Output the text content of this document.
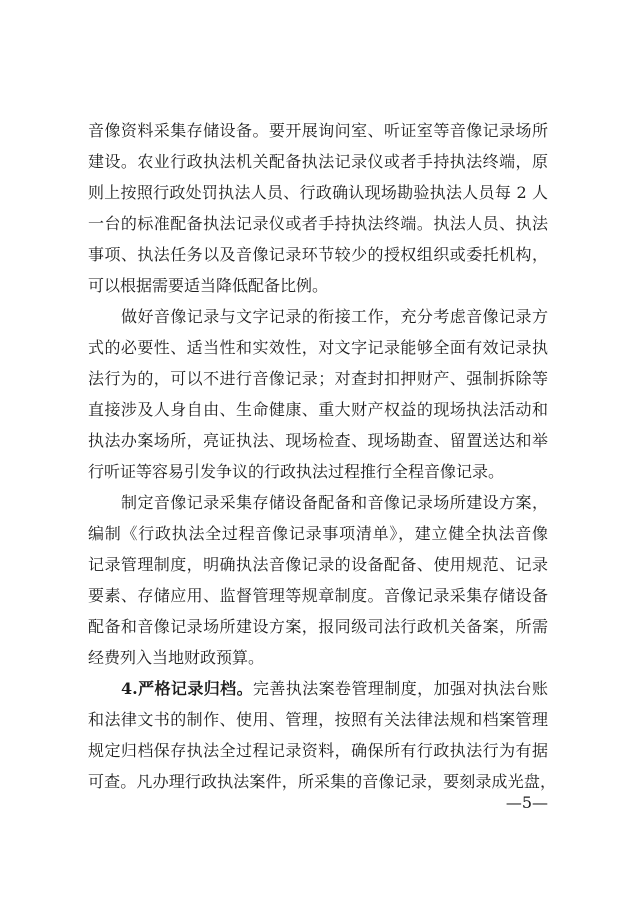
音像资料采集存储设备。要开展询问室、听证室等音像记录场所
建设。农业行政执法机关配备执法记录仪或者手持执法终端，原
则上按照行政处罚执法人员、行政确认现场勘验执法人员每 2 人
一台的标准配备执法记录仪或者手持执法终端。执法人员、执法
事项、执法任务以及音像记录环节较少的授权组织或委托机构，
可以根据需要适当降低配备比例。
做好音像记录与文字记录的衔接工作，充分考虑音像记录方
式的必要性、适当性和实效性，对文字记录能够全面有效记录执
法行为的，可以不进行音像记录；对查封扣押财产、强制拆除等
直接涉及人身自由、生命健康、重大财产权益的现场执法活动和
执法办案场所，亮证执法、现场检查、现场勘查、留置送达和举
行听证等容易引发争议的行政执法过程推行全程音像记录。
制定音像记录采集存储设备配备和音像记录场所建设方案，
编制《行政执法全过程音像记录事项清单》，建立健全执法音像
记录管理制度，明确执法音像记录的设备配备、使用规范、记录
要素、存储应用、监督管理等规章制度。音像记录采集存储设备
配备和音像记录场所建设方案，报同级司法行政机关备案，所需
经费列入当地财政预算。
4.严格记录归档。完善执法案卷管理制度，加强对执法台账
和法律文书的制作、使用、管理，按照有关法律法规和档案管理
规定归档保存执法全过程记录资料，确保所有行政执法行为有据
可查。凡办理行政执法案件，所采集的音像记录，要刻录成光盘，
—5—
